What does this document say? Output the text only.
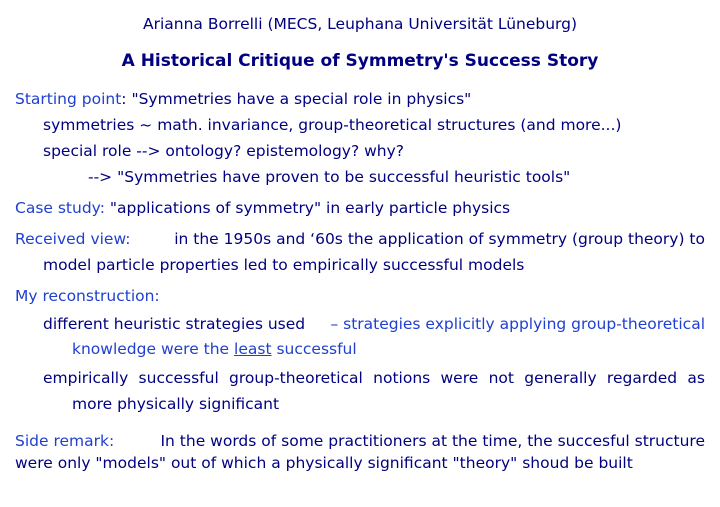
Arianna Borrelli (MECS, Leuphana Universität Lüneburg)
A Historical Critique of Symmetry's Success Story
Starting point: "Symmetries have a special role in physics"
symmetries ~ math. invariance, group-theoretical structures (and more...)
special role --> ontology? epistemology? why?
--> "Symmetries have proven to be successful heuristic tools"
Case study: "applications of symmetry" in early particle physics
Received view:	in the 1950s and ‘60s the application of symmetry (group theory) to
model particle properties led to empirically successful models
My reconstruction:
different heuristic strategies used – strategies explicitly applying group-theoretical
knowledge were the least successful
empirically successful group-theoretical notions were not generally regarded as
more physically significant
Side remark:	In the words of some practitioners at the time, the succesful structure
were only "models" out of which a physically significant "theory" shoud be built
